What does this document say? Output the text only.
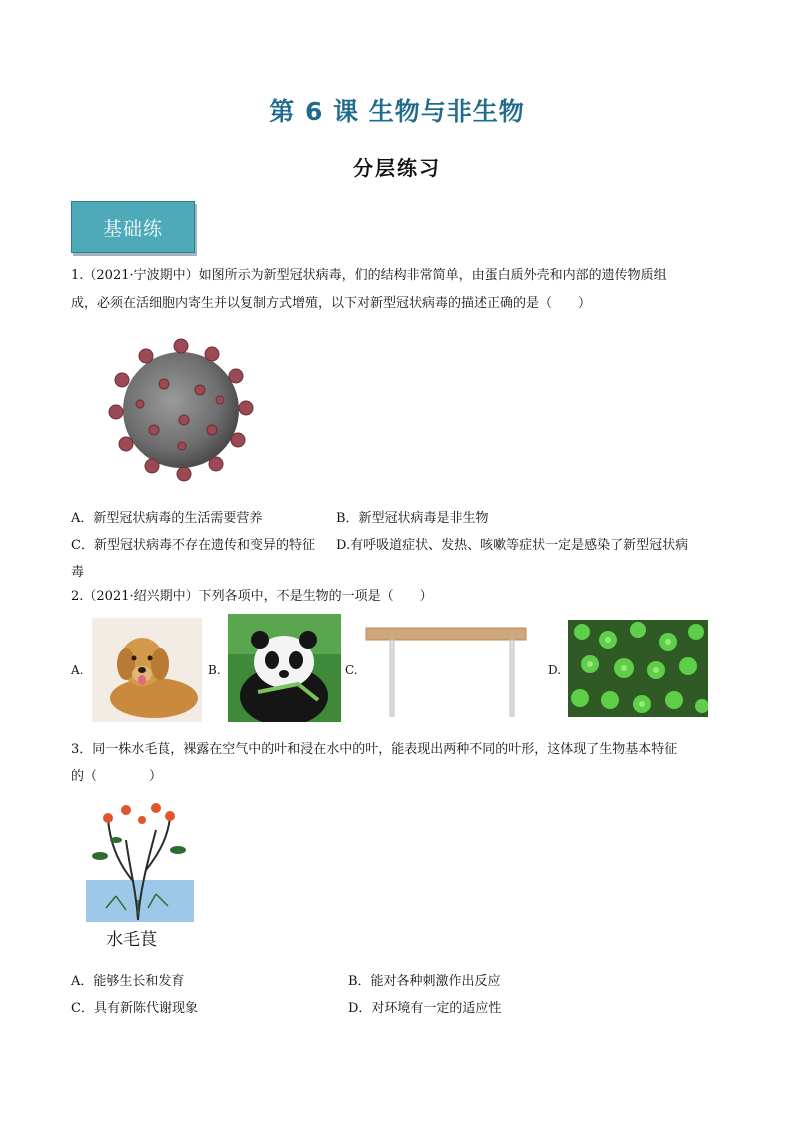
第 6 课 生物与非生物
分层练习
基础练
1.（2021·宁波期中）如图所示为新型冠状病毒，们的结构非常简单，由蛋白质外壳和内部的遗传物质组
成，必须在活细胞内寄生并以复制方式增殖，以下对新型冠状病毒的描述正确的是（　　）
A．新型冠状病毒的生活需要营养	B．新型冠状病毒是非生物
C．新型冠状病毒不存在遗传和变异的特征 D.有呼吸道症状、发热、咳嗽等症状一定是感染了新型冠状病
毒
2.（2021·绍兴期中）下列各项中，不是生物的一项是（　　）
A.	B.	C.	D.
3．同一株水毛茛，裸露在空气中的叶和浸在水中的叶，能表现出两种不同的叶形，这体现了生物基本特征
的（　　　　）
水毛茛
A．能够生长和发育	B．能对各种刺激作出反应
C．具有新陈代谢现象	D．对环境有一定的适应性
